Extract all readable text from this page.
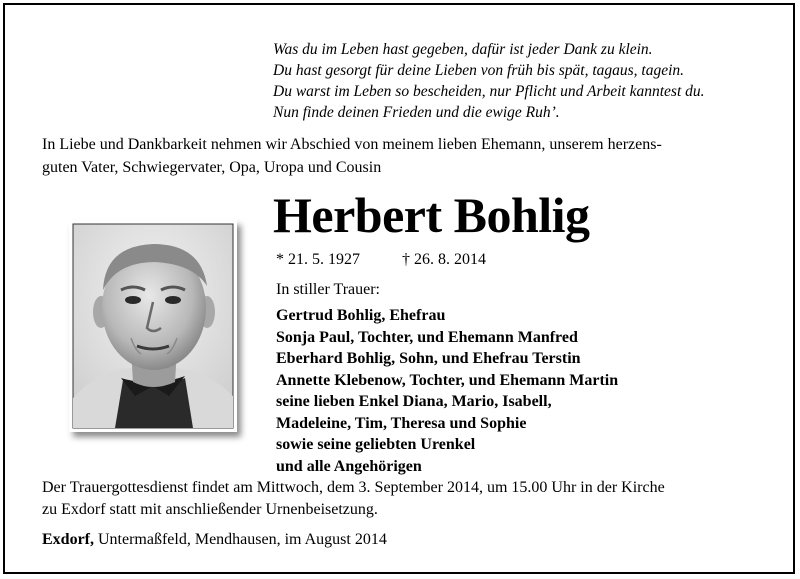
Was du im Leben hast gegeben, dafür ist jeder Dank zu klein.
Du hast gesorgt für deine Lieben von früh bis spät, tagaus, tagein.
Du warst im Leben so bescheiden, nur Pflicht und Arbeit kanntest du.
Nun finde deinen Frieden und die ewige Ruh’.
In Liebe und Dankbarkeit nehmen wir Abschied von meinem lieben Ehemann, unserem herzens-
guten Vater, Schwiegervater, Opa, Uropa und Cousin
Herbert Bohlig
* 21. 5. 1927	† 26. 8. 2014
In stiller Trauer:
Gertrud Bohlig, Ehefrau
Sonja Paul, Tochter, und Ehemann Manfred
Eberhard Bohlig, Sohn, und Ehefrau Terstin
Annette Klebenow, Tochter, und Ehemann Martin
seine lieben Enkel Diana, Mario, Isabell,
Madeleine, Tim, Theresa und Sophie
sowie seine geliebten Urenkel
und alle Angehörigen
Der Trauergottesdienst findet am Mittwoch, dem 3. September 2014, um 15.00 Uhr in der Kirche
zu Exdorf statt mit anschließender Urnenbeisetzung.
Exdorf, Untermaßfeld, Mendhausen, im August 2014
